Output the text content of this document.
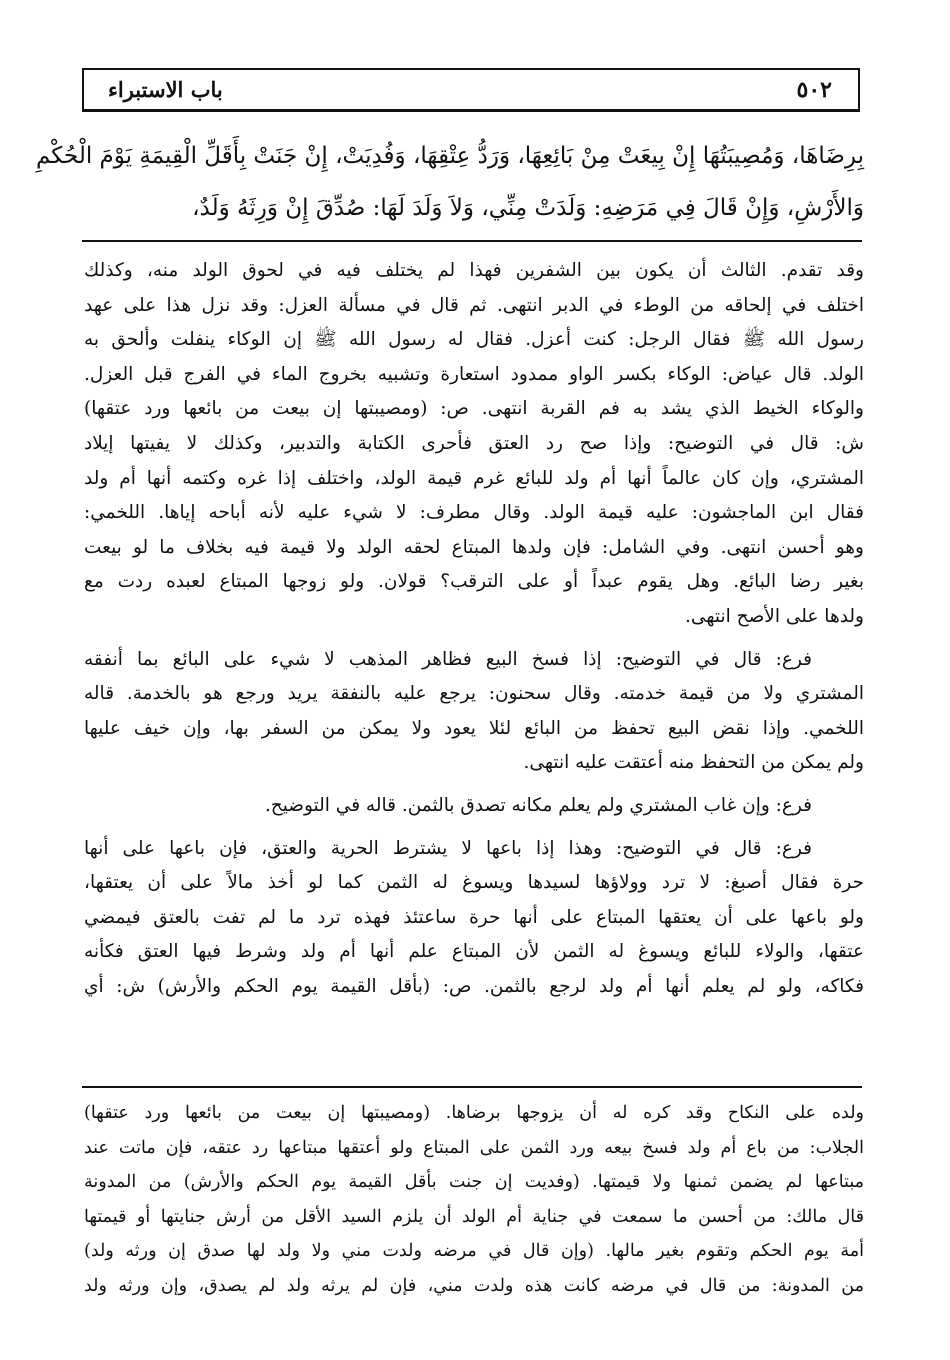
٥٠٢
باب الاستبراء

بِرِضَاهَا، وَمُصِيبَتُهَا إِنْ بِيعَتْ مِنْ بَائِعِهَا، وَرَدُّ عِتْقِهَا، وَفُدِيَتْ، إِنْ جَنَتْ بِأَقَلِّ الْقِيمَةِ يَوْمَ الْحُكْمِ

وَالأَرْشِ، وَإِنْ قَالَ فِي مَرَضِهِ: وَلَدَتْ مِنِّي، وَلاَ وَلَدَ لَهَا: صُدِّقَ إِنْ وَرِثَهُ وَلَدٌ،

وقد تقدم. الثالث أن يكون بين الشفرين فهذا لم يختلف فيه في لحوق الولد منه، وكذلك

اختلف في إلحاقه من الوطء في الدبر انتهى. ثم قال في مسألة العزل: وقد نزل هذا على عهد

رسول الله ﷺ فقال الرجل: كنت أعزل. فقال له رسول الله ﷺ إن الوكاء ينفلت وألحق به

الولد. قال عياض: الوكاء بكسر الواو ممدود استعارة وتشبيه بخروج الماء في الفرج قبل العزل.

والوكاء الخيط الذي يشد به فم القربة انتهى. ص: (ومصيبتها إن بيعت من بائعها ورد عتقها)

ش: قال في التوضيح: وإذا صح رد العتق فأحرى الكتابة والتدبير، وكذلك لا يفيتها إيلاد

المشتري، وإن كان عالماً أنها أم ولد للبائع غرم قيمة الولد، واختلف إذا غره وكتمه أنها أم ولد

فقال ابن الماجشون: عليه قيمة الولد. وقال مطرف: لا شيء عليه لأنه أباحه إياها. اللخمي:

وهو أحسن انتهى. وفي الشامل: فإن ولدها المبتاع لحقه الولد ولا قيمة فيه بخلاف ما لو بيعت

بغير رضا البائع. وهل يقوم عبداً أو على الترقب؟ قولان. ولو زوجها المبتاع لعبده ردت مع

ولدها على الأصح انتهى.

فرع: قال في التوضيح: إذا فسخ البيع فظاهر المذهب لا شيء على البائع بما أنفقه

المشتري ولا من قيمة خدمته. وقال سحنون: يرجع عليه بالنفقة يريد ورجع هو بالخدمة. قاله

اللخمي. وإذا نقض البيع تحفظ من البائع لئلا يعود ولا يمكن من السفر بها، وإن خيف عليها

ولم يمكن من التحفظ منه أعتقت عليه انتهى.

فرع: وإن غاب المشتري ولم يعلم مكانه تصدق بالثمن. قاله في التوضيح.

فرع: قال في التوضيح: وهذا إذا باعها لا يشترط الحرية والعتق، فإن باعها على أنها

حرة فقال أصبغ: لا ترد وولاؤها لسيدها ويسوغ له الثمن كما لو أخذ مالاً على أن يعتقها،

ولو باعها على أن يعتقها المبتاع على أنها حرة ساعتئذ فهذه ترد ما لم تفت بالعتق فيمضي

عتقها، والولاء للبائع ويسوغ له الثمن لأن المبتاع علم أنها أم ولد وشرط فيها العتق فكأنه

فكاكه، ولو لم يعلم أنها أم ولد لرجع بالثمن. ص: (بأقل القيمة يوم الحكم والأرش) ش: أي

ولده على النكاح وقد كره له أن يزوجها برضاها. (ومصيبتها إن بيعت من بائعها ورد عتقها)

الجلاب: من باع أم ولد فسخ بيعه ورد الثمن على المبتاع ولو أعتقها مبتاعها رد عتقه، فإن ماتت عند

مبتاعها لم يضمن ثمنها ولا قيمتها. (وفديت إن جنت بأقل القيمة يوم الحكم والأرش) من المدونة

قال مالك: من أحسن ما سمعت في جناية أم الولد أن يلزم السيد الأقل من أرش جنايتها أو قيمتها

أمة يوم الحكم وتقوم بغير مالها. (وإن قال في مرضه ولدت مني ولا ولد لها صدق إن ورثه ولد)

من المدونة: من قال في مرضه كانت هذه ولدت مني، فإن لم يرثه ولد لم يصدق، وإن ورثه ولد
